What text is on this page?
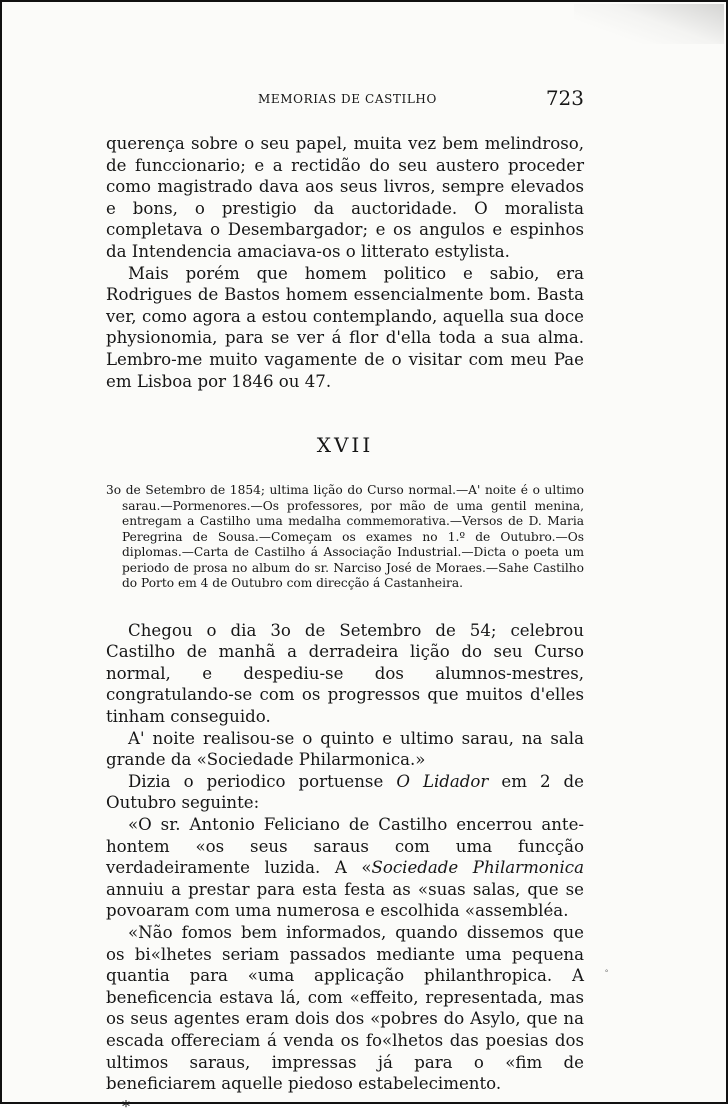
MEMORIAS DE CASTILHO	723

querença sobre o seu papel, muita vez bem melindroso, de funccionario; e a rectidão do seu austero proceder como magistrado dava aos seus livros, sempre elevados e bons, o prestigio da auctoridade. O moralista completava o Desembargador; e os angulos e espinhos da Intendencia amaciava-os o litterato estylista.

Mais porém que homem politico e sabio, era Rodrigues de Bastos homem essencialmente bom. Basta ver, como agora a estou contemplando, aquella sua doce physionomia, para se ver á flor d'ella toda a sua alma. Lembro-me muito vagamente de o visitar com meu Pae em Lisboa por 1846 ou 47.

XVII

3o de Setembro de 1854; ultima lição do Curso normal.—A' noite é o ultimo sarau.—Pormenores.—Os professores, por mão de uma gentil menina, entregam a Castilho uma medalha commemorativa.—Versos de D. Maria Peregrina de Sousa.—Começam os exames no 1.º de Outubro.—Os diplomas.—Carta de Castilho á Associação Industrial.—Dicta o poeta um periodo de prosa no album do sr. Narciso José de Moraes.—Sahe Castilho do Porto em 4 de Outubro com direcção á Castanheira.

Chegou o dia 3o de Setembro de 54; celebrou Castilho de manhã a derradeira lição do seu Curso normal, e despediu-se dos alumnos-mestres, congratulando-se com os progressos que muitos d'elles tinham conseguido.

A' noite realisou-se o quinto e ultimo sarau, na sala grande da «Sociedade Philarmonica.»

Dizia o periodico portuense O Lidador em 2 de Outubro seguinte:

«O sr. Antonio Feliciano de Castilho encerrou ante-hontem «os seus saraus com uma funcção verdadeiramente luzida. A «Sociedade Philarmonica annuiu a prestar para esta festa as «suas salas, que se povoaram com uma numerosa e escolhida «assembléa.

«Não fomos bem informados, quando dissemos que os bi«lhetes seriam passados mediante uma pequena quantia para «uma applicação philanthropica. A beneficencia estava lá, com «effeito, representada, mas os seus agentes eram dois dos «pobres do Asylo, que na escada offereciam á venda os fo«lhetos das poesias dos ultimos saraus, impressas já para o «fim de beneficiarem aquelle piedoso estabelecimento.

*
°
